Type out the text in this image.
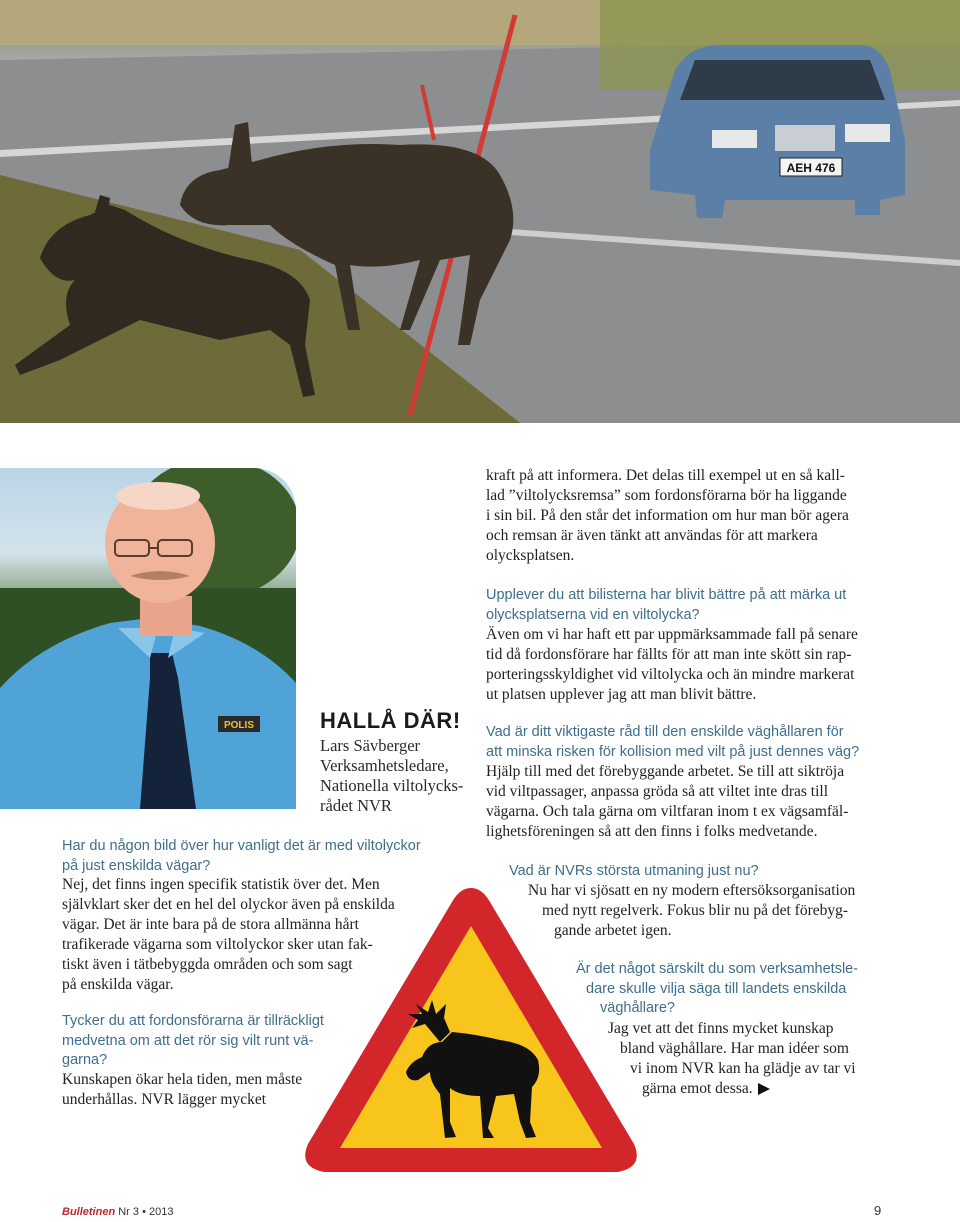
AEH 476
POLIS	HALLÅ DÄR!
Lars Sävberger
Verksamhetsledare,
Nationella viltolycks-
rådet NVR
Har du någon bild över hur vanligt det är med viltolyckor
på just enskilda vägar?

Nej, det finns ingen specifik statistik över det. Men
självklart sker det en hel del olyckor även på enskilda
vägar. Det är inte bara på de stora allmänna hårt
trafikerade vägarna som viltolyckor sker utan fak-
tiskt även i tätbebyggda områden och som sagt
på enskilda vägar.

Tycker du att fordonsförarna är tillräckligt
medvetna om att det rör sig vilt runt vä-
garna?

Kunskapen ökar hela tiden, men måste
underhållas. NVR lägger mycket

kraft på att informera. Det delas till exempel ut en så kall-
lad ”viltolycksremsa” som fordonsförarna bör ha liggande
i sin bil. På den står det information om hur man bör agera
och remsan är även tänkt att användas för att markera
olycksplatsen.

Upplever du att bilisterna har blivit bättre på att märka ut
olycksplatserna vid en viltolycka?

Även om vi har haft ett par uppmärksammade fall på senare
tid då fordonsförare har fällts för att man inte skött sin rap-
porteringsskyldighet vid viltolycka och än mindre markerat
ut platsen upplever jag att man blivit bättre.

Vad är ditt viktigaste råd till den enskilde väghållaren för
att minska risken för kollision med vilt på just dennes väg?

Hjälp till med det förebyggande arbetet. Se till att siktröja
vid viltpassager, anpassa gröda så att viltet inte dras till
vägarna. Och tala gärna om viltfaran inom t ex vägsamfäl-
lighetsföreningen så att den finns i folks medvetande.

Vad är NVRs största utmaning just nu?

Nu har vi sjösatt en ny modern eftersöksorganisation
med nytt regelverk. Fokus blir nu på det förebyg-
gande arbetet igen.

Är det något särskilt du som verksamhetsle-
dare skulle vilja säga till landets enskilda
väghållare?

Jag vet att det finns mycket kunskap
bland väghållare. Har man idéer som
vi inom NVR kan ha glädje av tar vi
gärna emot dessa.

Bulletinen Nr 3 • 2013	9
